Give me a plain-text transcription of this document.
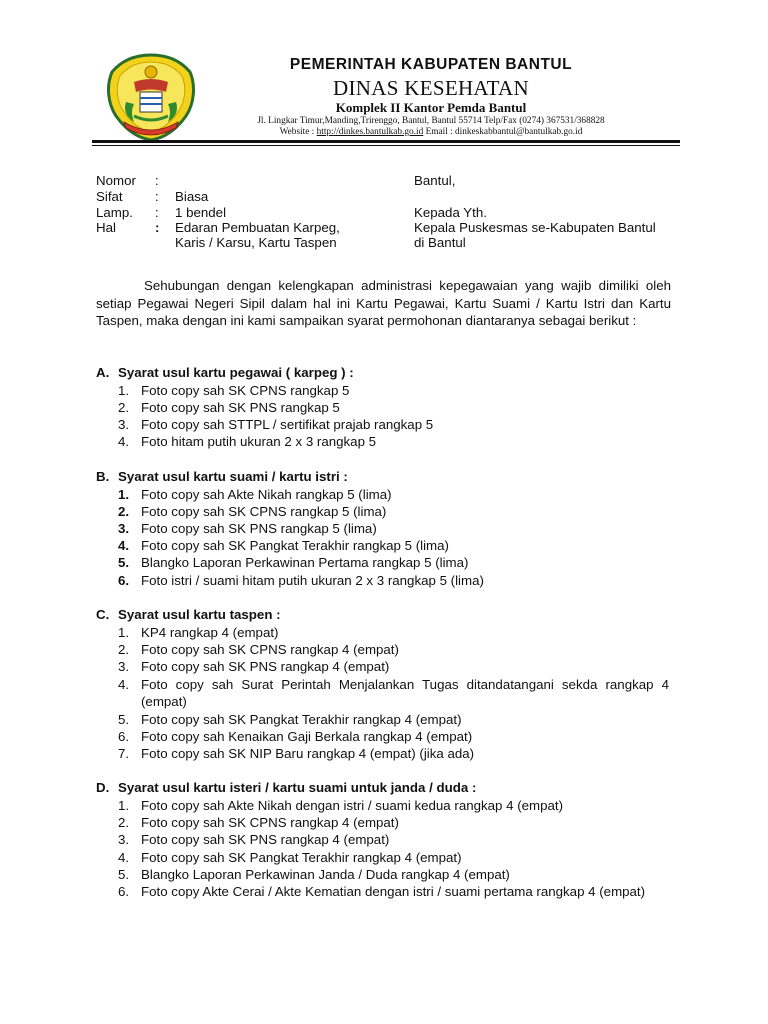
PEMERINTAH KABUPATEN BANTUL
DINAS KESEHATAN
Komplek II Kantor Pemda Bantul
Jl. Lingkar Timur,Manding,Trirenggo, Bantul, Bantul 55714 Telp/Fax (0274) 367531/368828
Website : http://dinkes.bantulkab.go.id Email : dinkeskabbantul@bantulkab.go.id
Nomor :
Sifat : Biasa
Lamp. : 1 bendel
Hal	: Edaran Pembuatan Karpeg,
Karis / Karsu, Kartu Taspen
Bantul,
Kepada Yth.
Kepala Puskesmas se-Kabupaten Bantul
di Bantul
Sehubungan dengan kelengkapan administrasi kepegawaian yang wajib dimiliki oleh setiap Pegawai Negeri Sipil dalam hal ini Kartu Pegawai, Kartu Suami / Kartu Istri dan Kartu Taspen, maka dengan ini kami sampaikan syarat permohonan diantaranya sebagai berikut :
A. Syarat usul kartu pegawai ( karpeg ) :
1. Foto copy sah SK CPNS rangkap 5
2. Foto copy sah SK PNS rangkap 5
3. Foto copy sah STTPL / sertifikat prajab rangkap 5
4. Foto hitam putih ukuran 2 x 3 rangkap 5
B. Syarat usul kartu suami / kartu istri :
1. Foto copy sah Akte Nikah rangkap 5 (lima)
2. Foto copy sah SK CPNS rangkap 5 (lima)
3. Foto copy sah SK PNS rangkap 5 (lima)
4. Foto copy sah SK Pangkat Terakhir rangkap 5 (lima)
5. Blangko Laporan Perkawinan Pertama rangkap 5 (lima)
6. Foto istri / suami hitam putih ukuran 2 x 3 rangkap 5 (lima)
C. Syarat usul kartu taspen :
1. KP4 rangkap 4 (empat)
2. Foto copy sah SK CPNS rangkap 4 (empat)
3. Foto copy sah SK PNS rangkap 4 (empat)
4. Foto copy sah Surat Perintah Menjalankan Tugas ditandatangani sekda rangkap 4 (empat)
5. Foto copy sah SK Pangkat Terakhir rangkap 4 (empat)
6. Foto copy sah Kenaikan Gaji Berkala rangkap 4 (empat)
7. Foto copy sah SK NIP Baru rangkap 4 (empat) (jika ada)
D. Syarat usul kartu isteri / kartu suami untuk janda / duda :
1. Foto copy sah Akte Nikah dengan istri / suami kedua rangkap 4 (empat)
2. Foto copy sah SK CPNS rangkap 4 (empat)
3. Foto copy sah SK PNS rangkap 4 (empat)
4. Foto copy sah SK Pangkat Terakhir rangkap 4 (empat)
5. Blangko Laporan Perkawinan Janda / Duda rangkap 4 (empat)
6. Foto copy Akte Cerai / Akte Kematian dengan istri / suami pertama rangkap 4 (empat)
